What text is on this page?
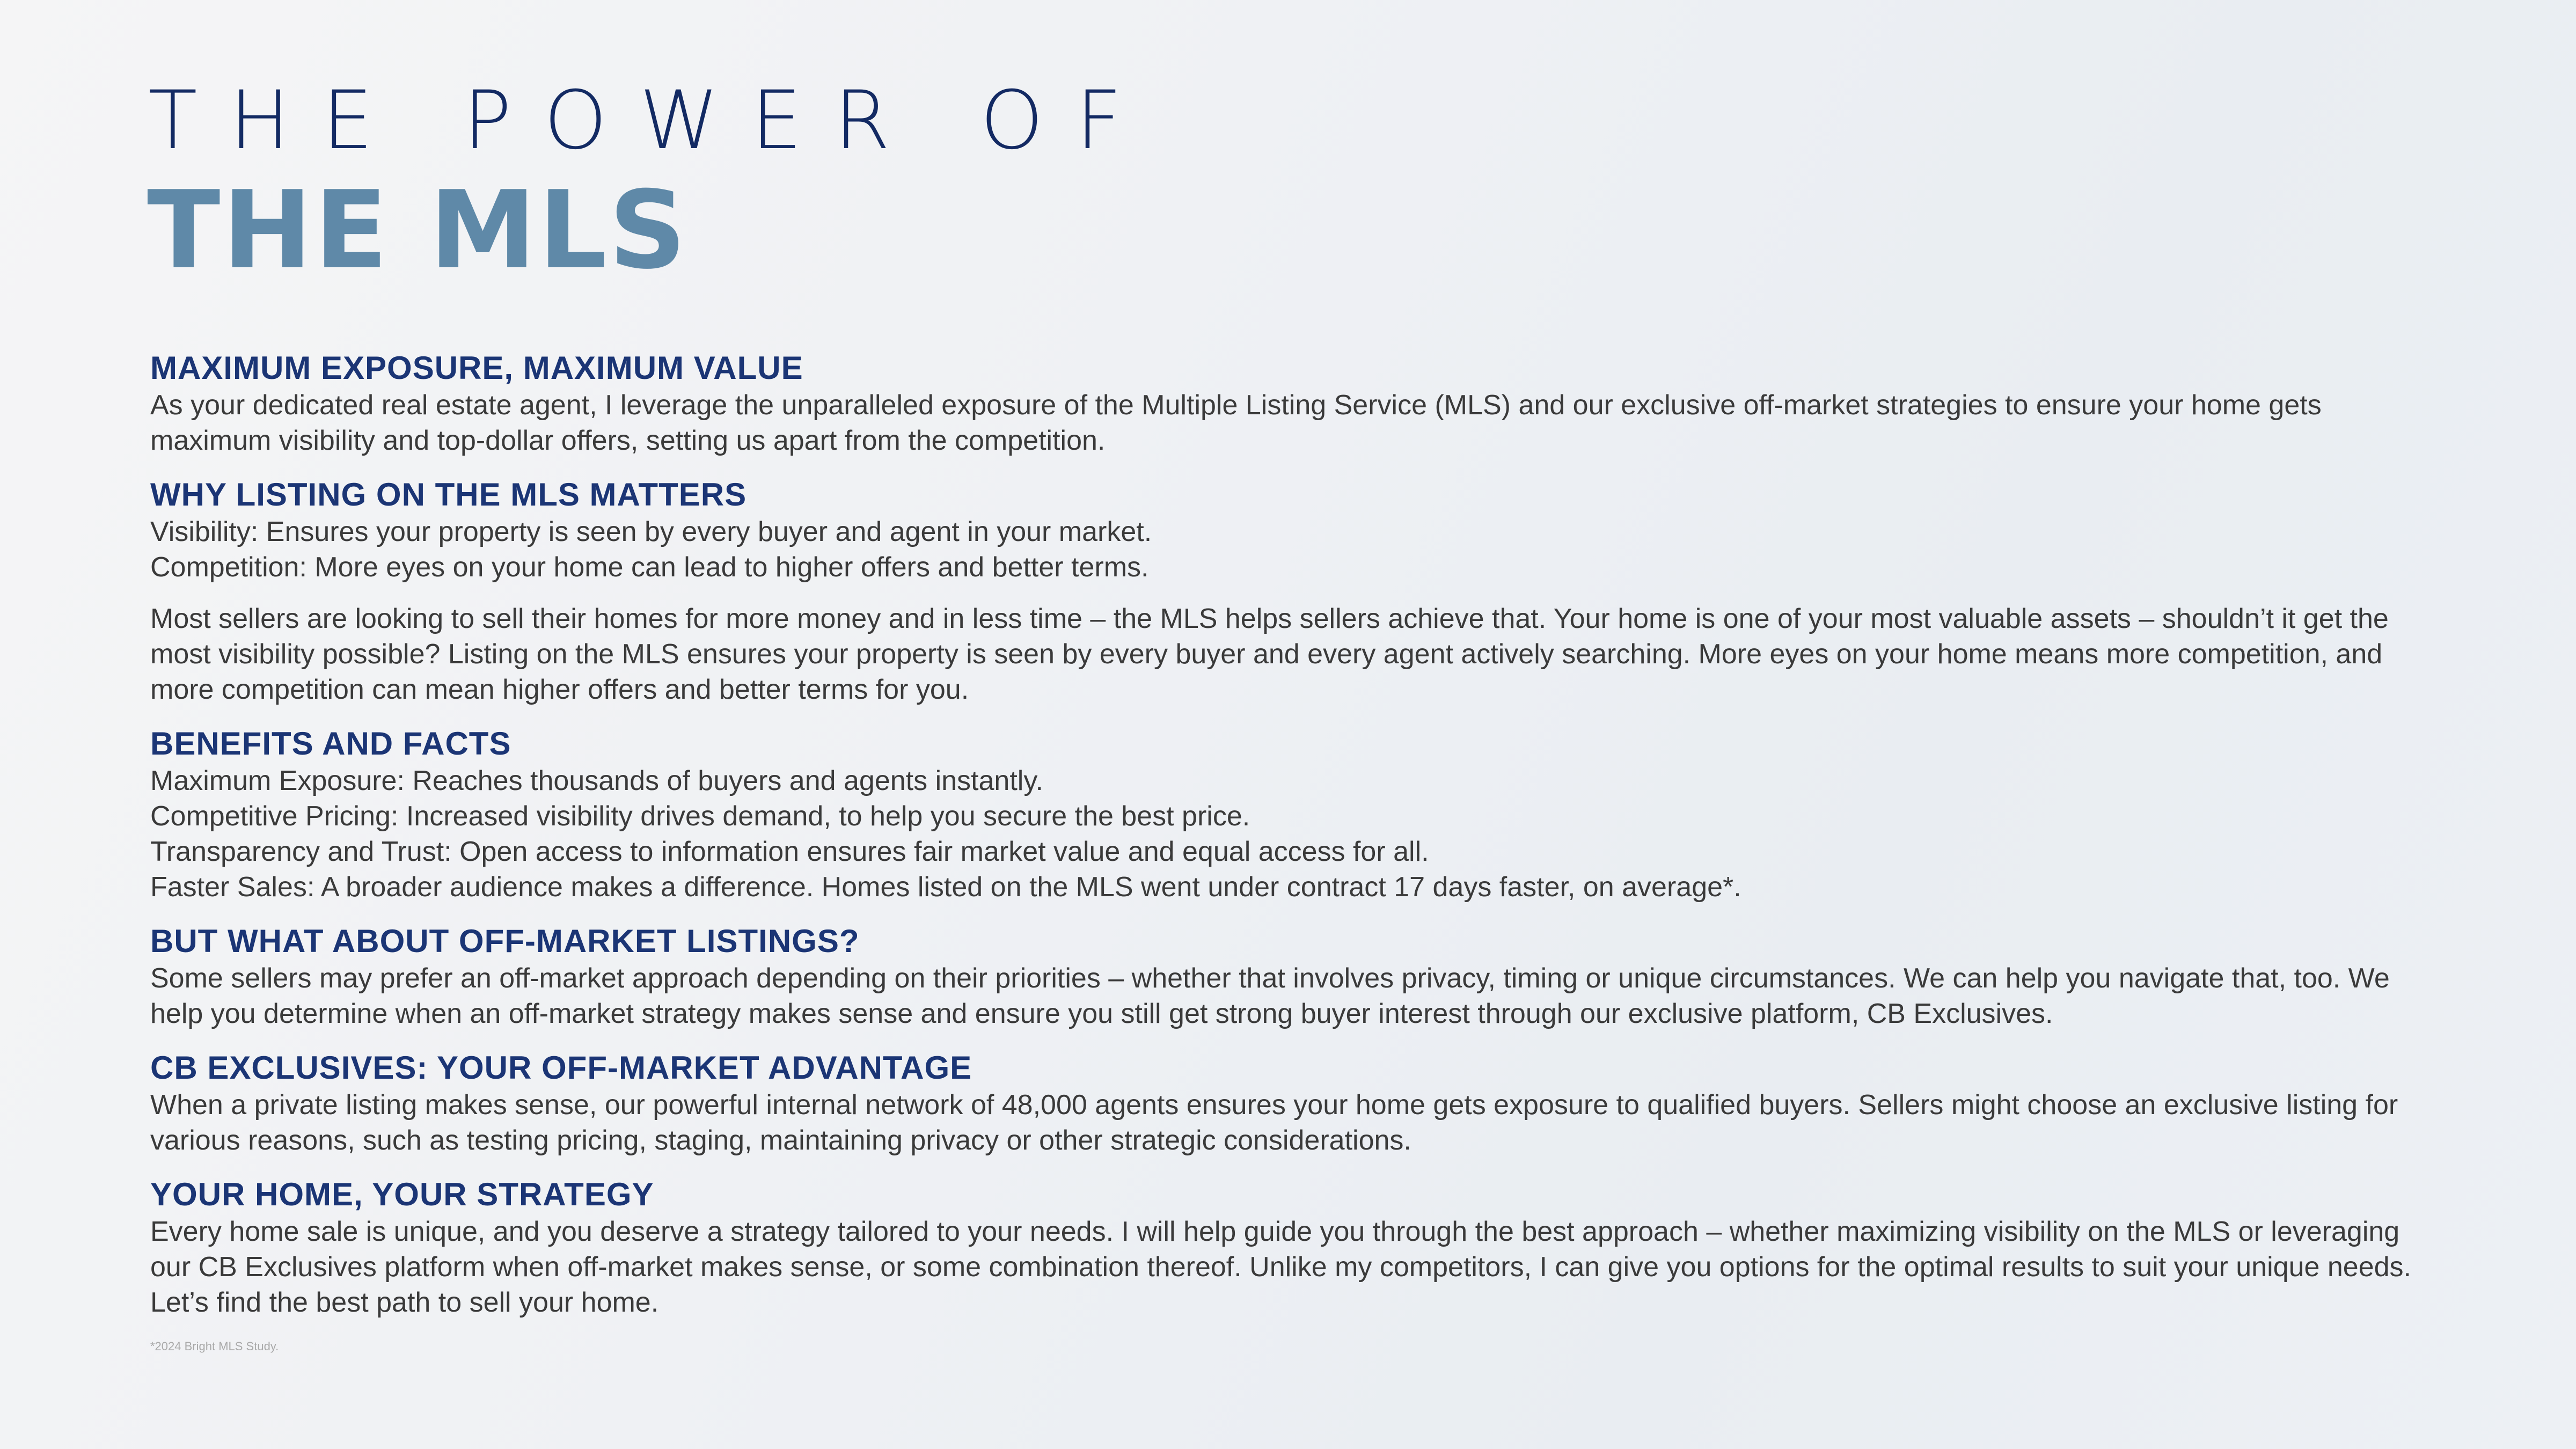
THE POWER OF
THE MLS
MAXIMUM EXPOSURE, MAXIMUM VALUE

As your dedicated real estate agent, I leverage the unparalleled exposure of the Multiple Listing Service (MLS) and our exclusive off-market strategies to ensure your home gets maximum visibility and top-dollar offers, setting us apart from the competition.

WHY LISTING ON THE MLS MATTERS

Visibility: Ensures your property is seen by every buyer and agent in your market.

Competition: More eyes on your home can lead to higher offers and better terms.

Most sellers are looking to sell their homes for more money and in less time – the MLS helps sellers achieve that. Your home is one of your most valuable assets – shouldn’t it get the most visibility possible? Listing on the MLS ensures your property is seen by every buyer and every agent actively searching. More eyes on your home means more competition, and more competition can mean higher offers and better terms for you.

BENEFITS AND FACTS

Maximum Exposure: Reaches thousands of buyers and agents instantly.

Competitive Pricing: Increased visibility drives demand, to help you secure the best price.

Transparency and Trust: Open access to information ensures fair market value and equal access for all.

Faster Sales: A broader audience makes a difference. Homes listed on the MLS went under contract 17 days faster, on average*.

BUT WHAT ABOUT OFF-MARKET LISTINGS?

Some sellers may prefer an off-market approach depending on their priorities – whether that involves privacy, timing or unique circumstances. We can help you navigate that, too. We help you determine when an off-market strategy makes sense and ensure you still get strong buyer interest through our exclusive platform, CB Exclusives.

CB EXCLUSIVES: YOUR OFF-MARKET ADVANTAGE

When a private listing makes sense, our powerful internal network of 48,000 agents ensures your home gets exposure to qualified buyers. Sellers might choose an exclusive listing for various reasons, such as testing pricing, staging, maintaining privacy or other strategic considerations.

YOUR HOME, YOUR STRATEGY

Every home sale is unique, and you deserve a strategy tailored to your needs. I will help guide you through the best approach – whether maximizing visibility on the MLS or leveraging our CB Exclusives platform when off-market makes sense, or some combination thereof. Unlike my competitors, I can give you options for the optimal results to suit your unique needs. Let’s find the best path to sell your home.

*2024 Bright MLS Study.
